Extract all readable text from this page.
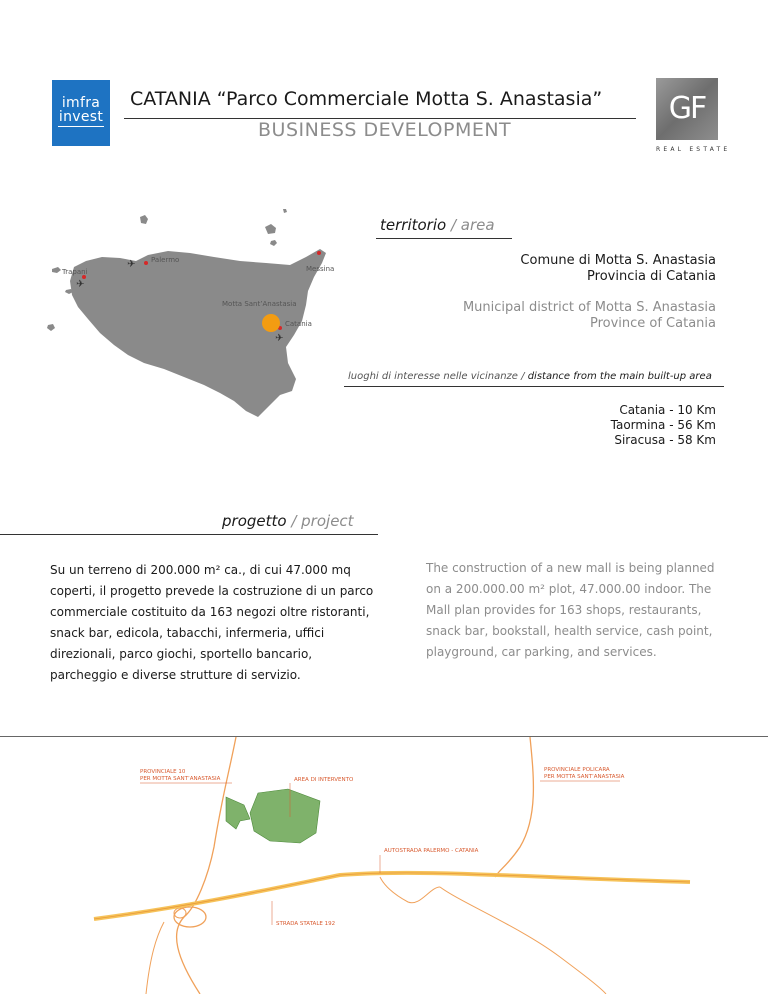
imfra
invest
CATANIA “Parco Commerciale Motta S. Anastasia”
BUSINESS DEVELOPMENT
GF
REAL ESTATE
✈
✈
✈
Palermo
Trapani	Messina
Motta Sant’Anastasia
Catania
territorio / area
Comune di Motta S. Anastasia
Provincia di Catania
Municipal district of Motta S. Anastasia
Province of Catania
luoghi di interesse nelle vicinanze / distance from the main built-up area
Catania - 10 Km
Taormina - 56 Km
Siracusa - 58 Km
progetto / project
Su un terreno di 200.000 m² ca., di cui 47.000 mq coperti, il progetto prevede la costruzione di un parco commerciale costituito da 163 negozi oltre ristoranti, snack bar, edicola, tabacchi, infermeria, uffici direzionali, parco giochi, sportello bancario, parcheggio e diverse strutture di servizio.
The construction of a new mall is being planned on a 200.000.00 m² plot, 47.000.00 indoor. The Mall plan provides for 163 shops, restaurants, snack bar, bookstall, health service, cash point, playground, car parking, and services.
PROVINCIALE 10
PER MOTTA SANT’ANASTASIA	AREA DI INTERVENTO
PROVINCIALE POLICARA
PER MOTTA SANT’ANASTASIA
AUTOSTRADA PALERMO - CATANIA
STRADA STATALE 192
